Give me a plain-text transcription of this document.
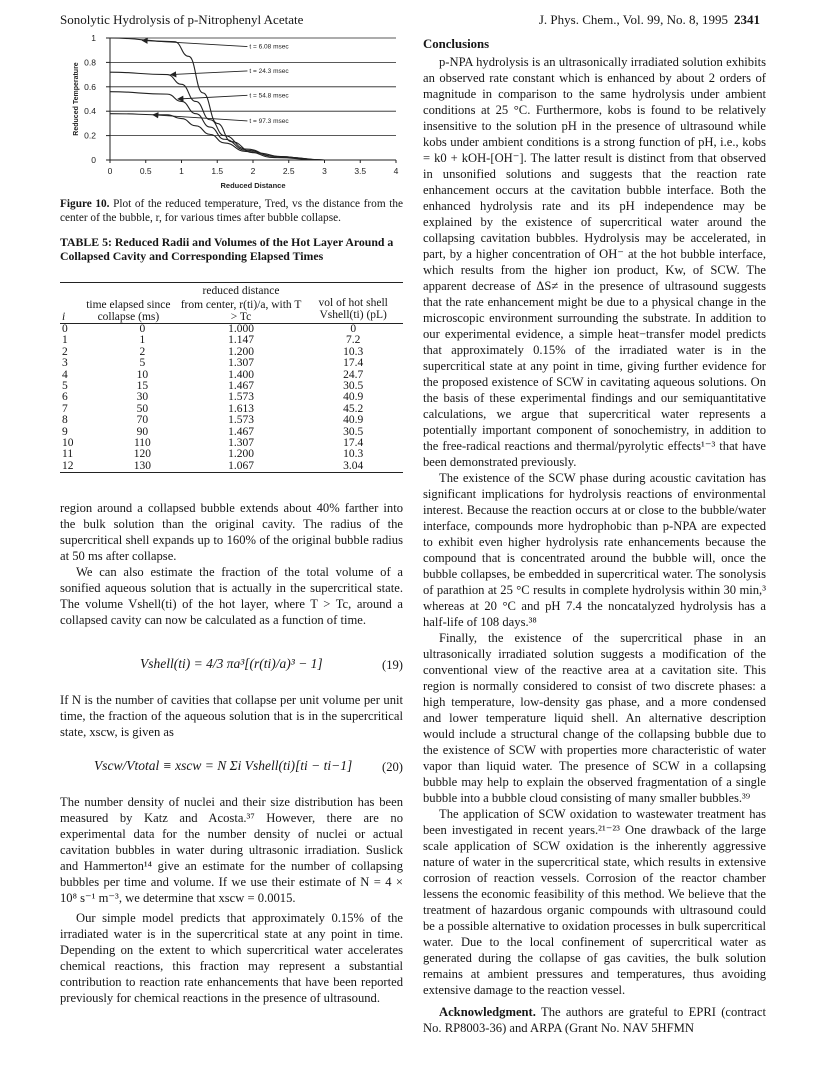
Sonolytic Hydrolysis of p-Nitrophenyl Acetate	J. Phys. Chem., Vol. 99, No. 8, 1995 2341
0
0.2
0.4
0.6
0.8
1
0	0.5	1	1.5	2	2.5	3	3.5	4
Reduced Distance
Reduced Temperature
t = 6.08 msec
t = 24.3 msec
t = 54.8 msec
t = 97.3 msec
Figure 10. Plot of the reduced temperature, Tred, vs the distance from the center of the bubble, r, for various times after bubble collapse.
TABLE 5: Reduced Radii and Volumes of the Hot Layer Around a Collapsed Cavity and Corresponding Elapsed Times
		reduced distance	
i	time elapsed since collapse (ms)	from center, r(ti)/a, with T > Tc	vol of hot shell Vshell(ti) (pL)
0	0	1.000	0
1	1	1.147	7.2
2	2	1.200	10.3
3	5	1.307	17.4
4	10	1.400	24.7
5	15	1.467	30.5
6	30	1.573	40.9
7	50	1.613	45.2
8	70	1.573	40.9
9	90	1.467	30.5
10	110	1.307	17.4
11	120	1.200	10.3
12	130	1.067	3.04

region around a collapsed bubble extends about 40% farther into the bulk solution than the original cavity. The radius of the supercritical shell expands up to 160% of the original bubble radius at 50 ms after collapse.

We can also estimate the fraction of the total volume of a sonified aqueous solution that is actually in the supercritical state. The volume Vshell(ti) of the hot layer, where T > Tc, around a collapsed cavity can now be calculated as a function of time.

Vshell(ti) = 4/3 πa³[(r(ti)/a)³ − 1]	(19)

If N is the number of cavities that collapse per unit volume per unit time, the fraction of the aqueous solution that is in the supercritical state, xscw, is given as

Vscw/Vtotal ≡ xscw = N Σi Vshell(ti)[ti − ti−1] (20)

The number density of nuclei and their size distribution has been measured by Katz and Acosta.³⁷ However, there are no experimental data for the number density of nuclei or actual cavitation bubbles in water during ultrasonic irradiation. Suslick and Hammerton¹⁴ give an estimate for the number of collapsing bubbles per time and volume. If we use their estimate of N = 4 × 10⁸ s⁻¹ m⁻³, we determine that xscw = 0.0015.

Our simple model predicts that approximately 0.15% of the irradiated water is in the supercritical state at any point in time. Depending on the extent to which supercritical water accelerates chemical reactions, this fraction may represent a substantial contribution to reaction rate enhancements that have been reported previously for chemical reactions in the presence of ultrasound.

Conclusions

p-NPA hydrolysis is an ultrasonically irradiated solution exhibits an observed rate constant which is enhanced by about 2 orders of magnitude in comparison to the same hydrolysis under ambient conditions at 25 °C. Furthermore, kobs is found to be relatively insensitive to the solution pH in the presence of ultrasound while kobs under ambient conditions is a strong function of pH, i.e., kobs = k0 + kOH-[OH⁻]. The latter result is distinct from that observed in unsonified solutions and suggests that the reaction rate enhancement occurs at the cavitation bubble interface. Both the enhanced hydrolysis rate and its pH independence may be explained by the existence of supercritical water around the collapsing cavitation bubbles. Hydrolysis may be accelerated, in part, by a higher concentration of OH⁻ at the hot bubble interface, which results from the higher ion product, Kw, of SCW. The apparent decrease of ΔS≠ in the presence of ultrasound suggests that the rate enhancement might be due to a physical change in the microscopic environment surrounding the substrate. In addition to our experimental evidence, a simple heat−transfer model predicts that approximately 0.15% of the irradiated water is in the supercritical state at any point in time, giving further evidence for the proposed existence of SCW in cavitating aqueous solutions. On the basis of these experimental findings and our semiquantitative calculations, we argue that supercritical water represents a potentially important component of sonochemistry, in addition to the free-radical reactions and thermal/pyrolytic effects¹⁻³ that have been demonstrated previously.

The existence of the SCW phase during acoustic cavitation has significant implications for hydrolysis reactions of environmental interest. Because the reaction occurs at or close to the bubble/water interface, compounds more hydrophobic than p-NPA are expected to exhibit even higher hydrolysis rate enhancements because the compound that is concentrated around the bubble will, once the bubble collapses, be embedded in supercritical water. The sonolysis of parathion at 25 °C results in complete hydrolysis within 30 min,³ whereas at 20 °C and pH 7.4 the noncatalyzed hydrolysis has a half-life of 108 days.³⁸

Finally, the existence of the supercritical phase in an ultrasonically irradiated solution suggests a modification of the conventional view of the reactive area at a cavitation site. This region is normally considered to consist of two discrete phases: a high temperature, low-density gas phase, and a more condensed and lower temperature liquid shell. An alternative description would include a structural change of the collapsing bubble due to the existence of SCW with properties more characteristic of water vapor than liquid water. The presence of SCW in a collapsing bubble may help to explain the observed fragmentation of a single bubble into a bubble cloud consisting of many smaller bubbles.³⁹

The application of SCW oxidation to wastewater treatment has been investigated in recent years.²¹⁻²³ One drawback of the large scale application of SCW oxidation is the inherently aggressive nature of water in the supercritical state, which results in extensive corrosion of reaction vessels. Corrosion of the reactor chamber lessens the economic feasibility of this method. We believe that the treatment of hazardous organic compounds with ultrasound could be a possible alternative to oxidation processes in bulk supercritical water. Due to the local confinement of supercritical water as generated during the collapse of gas cavities, the bulk solution remains at ambient pressures and temperatures, thus avoiding extensive damage to the reaction vessel.

Acknowledgment. The authors are grateful to EPRI (contract No. RP8003-36) and ARPA (Grant No. NAV 5HFMN
